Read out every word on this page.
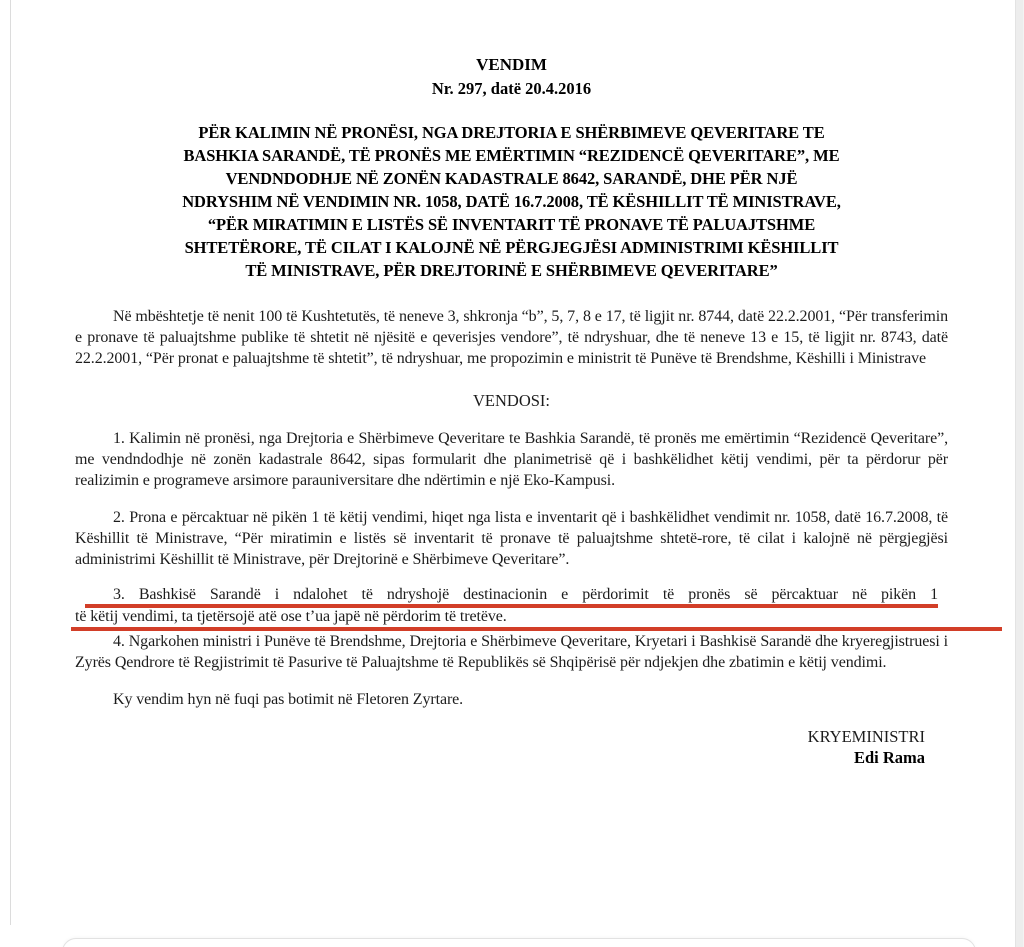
VENDIM
Nr. 297, datë 20.4.2016
PËR KALIMIN NË PRONËSI, NGA DREJTORIA E SHËRBIMEVE QEVERITARE TE
BASHKIA SARANDË, TË PRONËS ME EMËRTIMIN “REZIDENCË QEVERITARE”, ME
VENDNDODHJE NË ZONËN KADASTRALE 8642, SARANDË, DHE PËR NJË
NDRYSHIM NË VENDIMIN NR. 1058, DATË 16.7.2008, TË KËSHILLIT TË MINISTRAVE,
“PËR MIRATIMIN E LISTËS SË INVENTARIT TË PRONAVE TË PALUAJTSHME
SHTETËRORE, TË CILAT I KALOJNË NË PËRGJEGJËSI ADMINISTRIMI KËSHILLIT
TË MINISTRAVE, PËR DREJTORINË E SHËRBIMEVE QEVERITARE”

Në mbështetje të nenit 100 të Kushtetutës, të neneve 3, shkronja “b”, 5, 7, 8 e 17, të ligjit nr. 8744, datë 22.2.2001, “Për transferimin e pronave të paluajtshme publike të shtetit në njësitë e qeverisjes vendore”, të ndryshuar, dhe të neneve 13 e 15, të ligjit nr. 8743, datë 22.2.2001, “Për pronat e paluajtshme të shtetit”, të ndryshuar, me propozimin e ministrit të Punëve të Brendshme, Këshilli i Ministrave

VENDOSI:

1. Kalimin në pronësi, nga Drejtoria e Shërbimeve Qeveritare te Bashkia Sarandë, të pronës me emërtimin “Rezidencë Qeveritare”, me vendndodhje në zonën kadastrale 8642, sipas formularit dhe planimetrisë që i bashkëlidhet këtij vendimi, për ta përdorur për realizimin e programeve arsimore parauniversitare dhe ndërtimin e një Eko-Kampusi.

2. Prona e përcaktuar në pikën 1 të këtij vendimi, hiqet nga lista e inventarit që i bashkëlidhet vendimit nr. 1058, datë 16.7.2008, të Këshillit të Ministrave, “Për miratimin e listës së inventarit të pronave të paluajtshme shtetë-rore, të cilat i kalojnë në përgjegjësi administrimi Këshillit të Ministrave, për Drejtorinë e Shërbimeve Qeveritare”.

3. Bashkisë Sarandë i ndalohet të ndryshojë destinacionin e përdorimit të pronës së përcaktuar në pikën 1
të këtij vendimi, ta tjetërsojë atë ose t’ua japë në përdorim të tretëve.

4. Ngarkohen ministri i Punëve të Brendshme, Drejtoria e Shërbimeve Qeveritare, Kryetari i Bashkisë Sarandë dhe kryeregjistruesi i Zyrës Qendrore të Regjistrimit të Pasurive të Paluajtshme të Republikës së Shqipërisë për ndjekjen dhe zbatimin e këtij vendimi.

Ky vendim hyn në fuqi pas botimit në Fletoren Zyrtare.

KRYEMINISTRI
Edi Rama
